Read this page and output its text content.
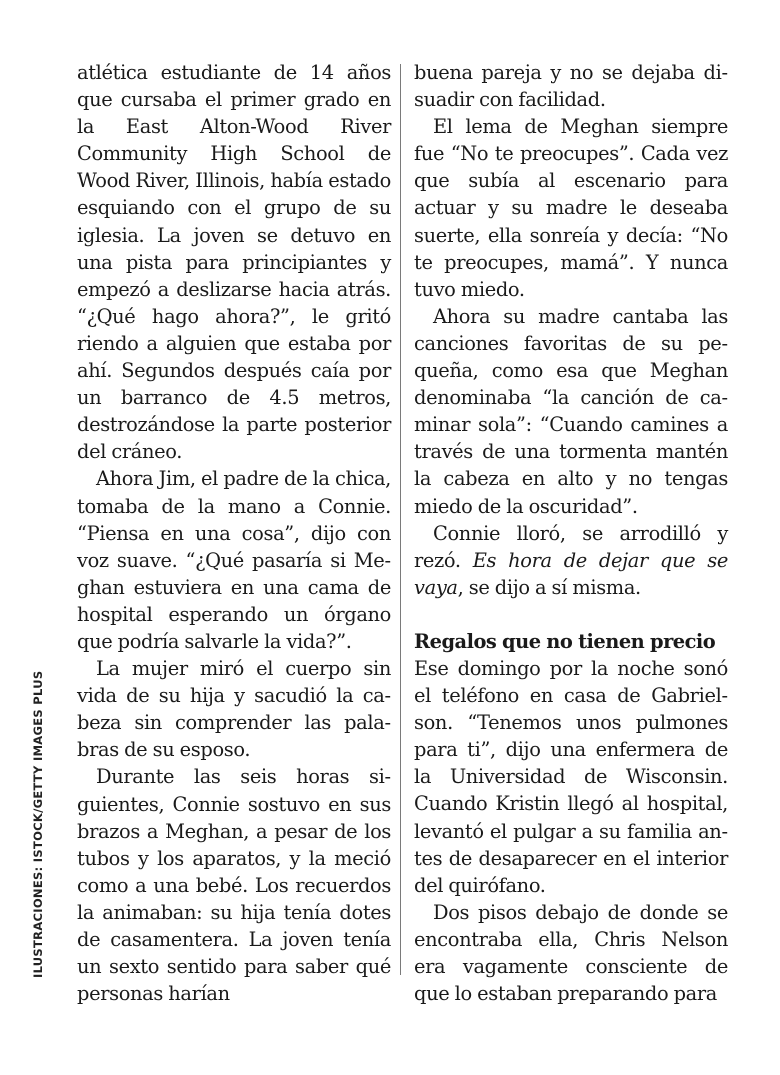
ILUSTRACIONES: ISTOCK/GETTY IMAGES PLUS

atlética estudiante de 14 años que cursaba el primer grado en la East Alton-Wood River Community High School de Wood River, Illinois, había estado esquiando con el grupo de su iglesia. La joven se detuvo en una pista para principiantes y empezó a deslizarse hacia atrás. “¿Qué hago ahora?”, le gritó riendo a alguien que estaba por ahí. Segundos después caía por un barranco de 4.5 metros, destrozándose la parte posterior del cráneo.

Ahora Jim, el padre de la chica, tomaba de la mano a Connie. “Piensa en una cosa”, dijo con voz suave. “¿Qué pasaría si Meghan estuviera en una cama de hospital esperando un órgano que podría salvarle la vida?”.

La mujer miró el cuerpo sin vida de su hija y sacudió la cabeza sin comprender las palabras de su esposo.

Durante las seis horas siguientes, Connie sostuvo en sus brazos a Meghan, a pesar de los tubos y los aparatos, y la meció como a una bebé. Los recuerdos la animaban: su hija tenía dotes de casamentera. La joven tenía un sexto sentido para saber qué personas harían

buena pareja y no se dejaba disuadir con facilidad.

El lema de Meghan siempre fue “No te preocupes”. Cada vez que subía al escenario para actuar y su madre le deseaba suerte, ella sonreía y decía: “No te preocupes, mamá”. Y nunca tuvo miedo.

Ahora su madre cantaba las canciones favoritas de su pequeña, como esa que Meghan denominaba “la canción de caminar sola”: “Cuando camines a través de una tormenta mantén la cabeza en alto y no tengas miedo de la oscuridad”.

Connie lloró, se arrodilló y rezó. Es hora de dejar que se vaya, se dijo a sí misma.

Regalos que no tienen precio

Ese domingo por la noche sonó el teléfono en casa de Gabrielson. “Tenemos unos pulmones para ti”, dijo una enfermera de la Universidad de Wisconsin. Cuando Kristin llegó al hospital, levantó el pulgar a su familia antes de desaparecer en el interior del quirófano.

Dos pisos debajo de donde se encontraba ella, Chris Nelson era vagamente consciente de que lo estaban preparando para
